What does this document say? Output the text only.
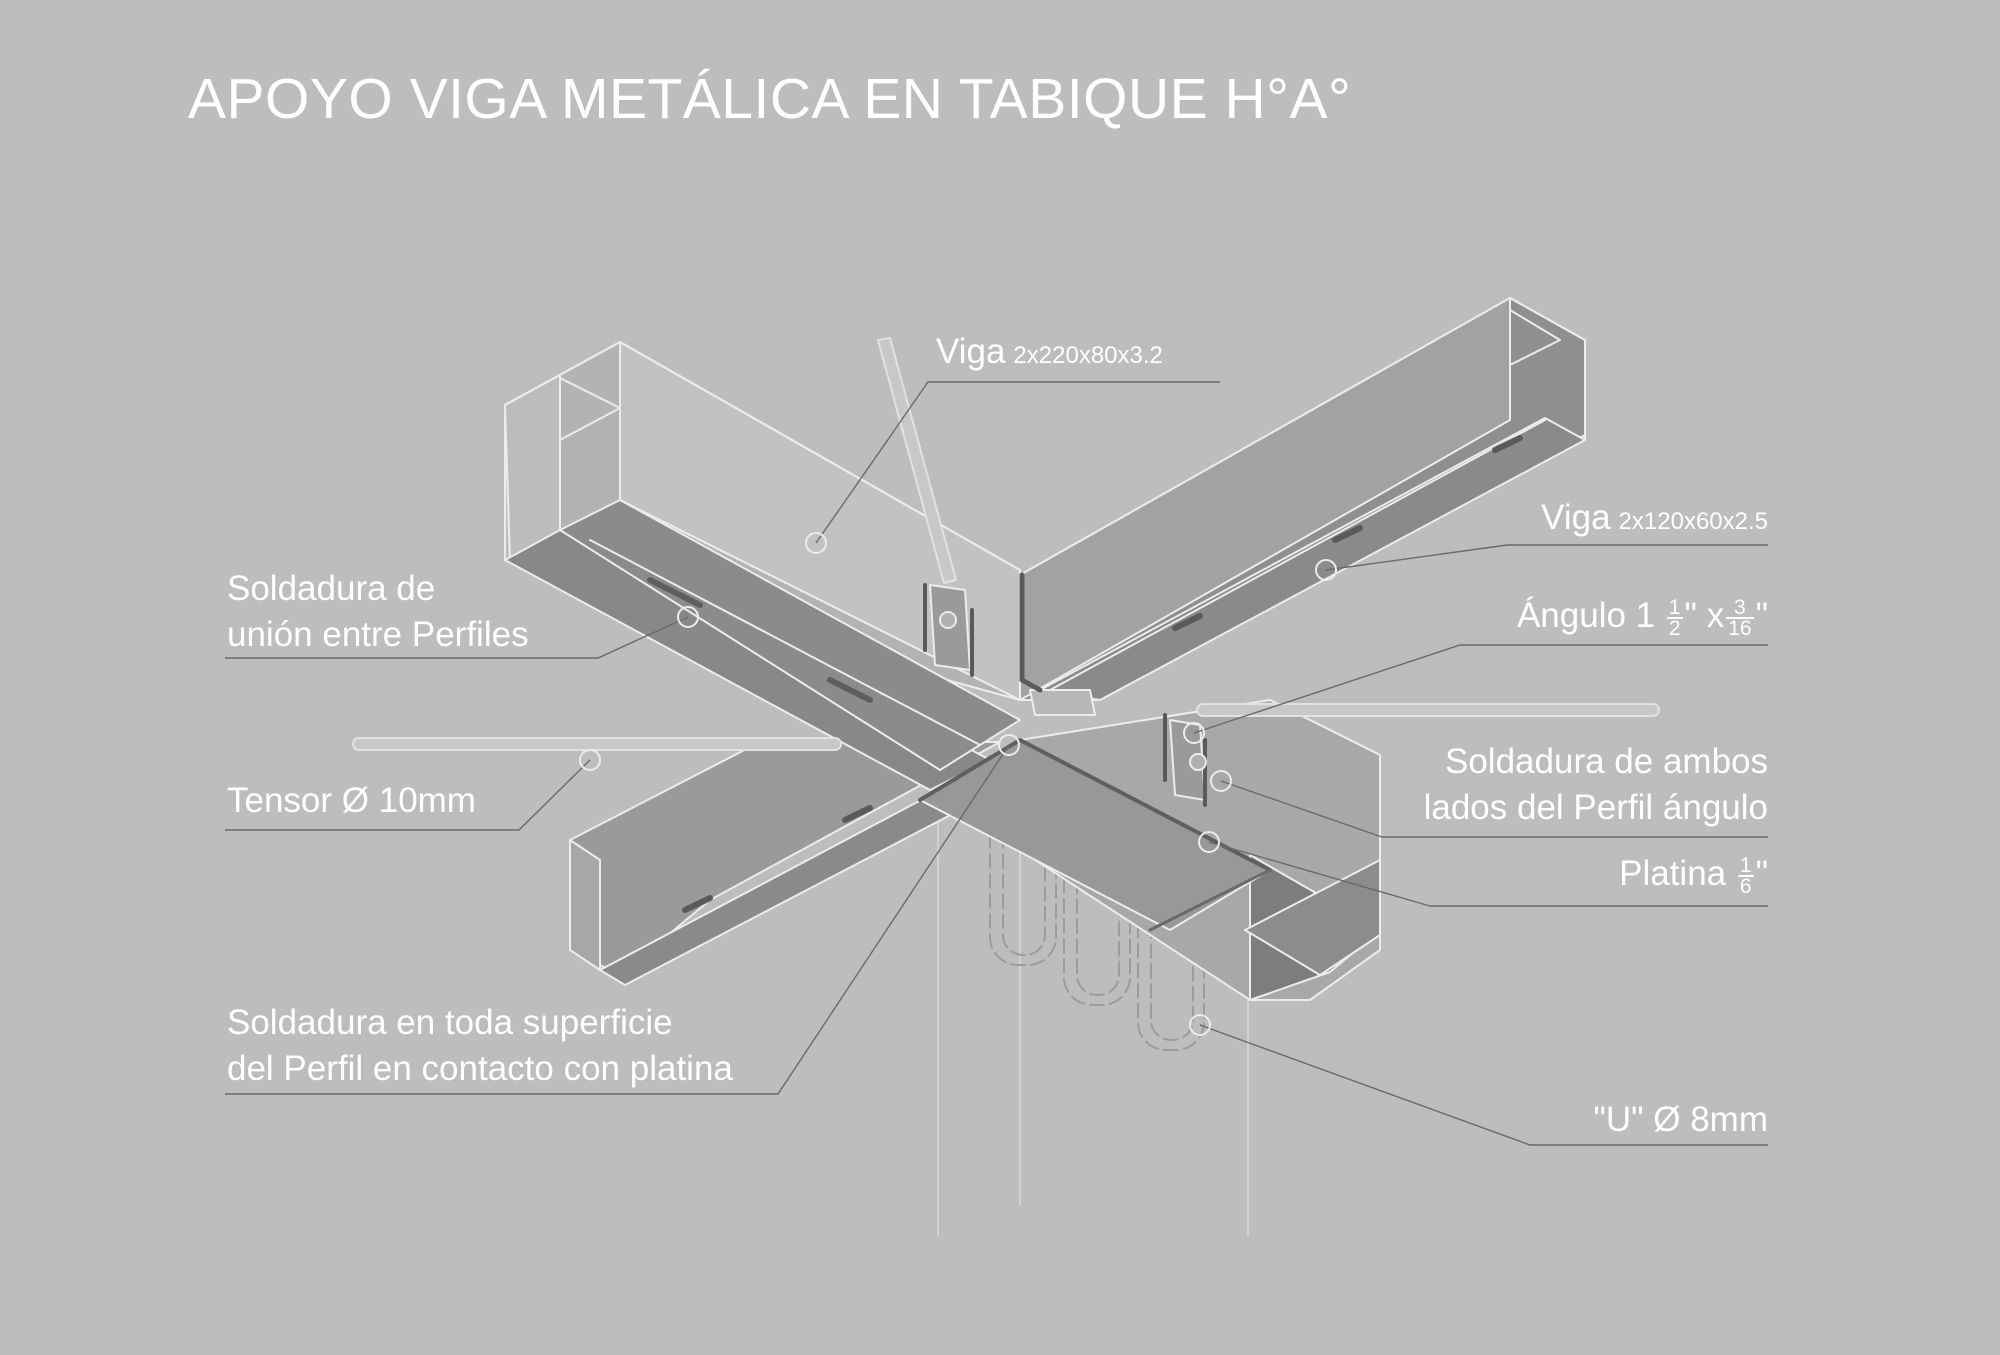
APOYO VIGA METÁLICA EN TABIQUE H°A°
Viga 2x220x80x3.2
Viga 2x120x60x2.5
Ángulo $1 \frac{1}{2}$ " x $\frac{3}{16}$ "
Soldadura de
unión entre Perfiles
Soldadura de ambos
lados del Perfil ángulo
Tensor Ø 10mm
Platina $\frac{1}{6}$ "
Soldadura en toda superficie
del Perfil en contacto con platina
"U" Ø 8mm
